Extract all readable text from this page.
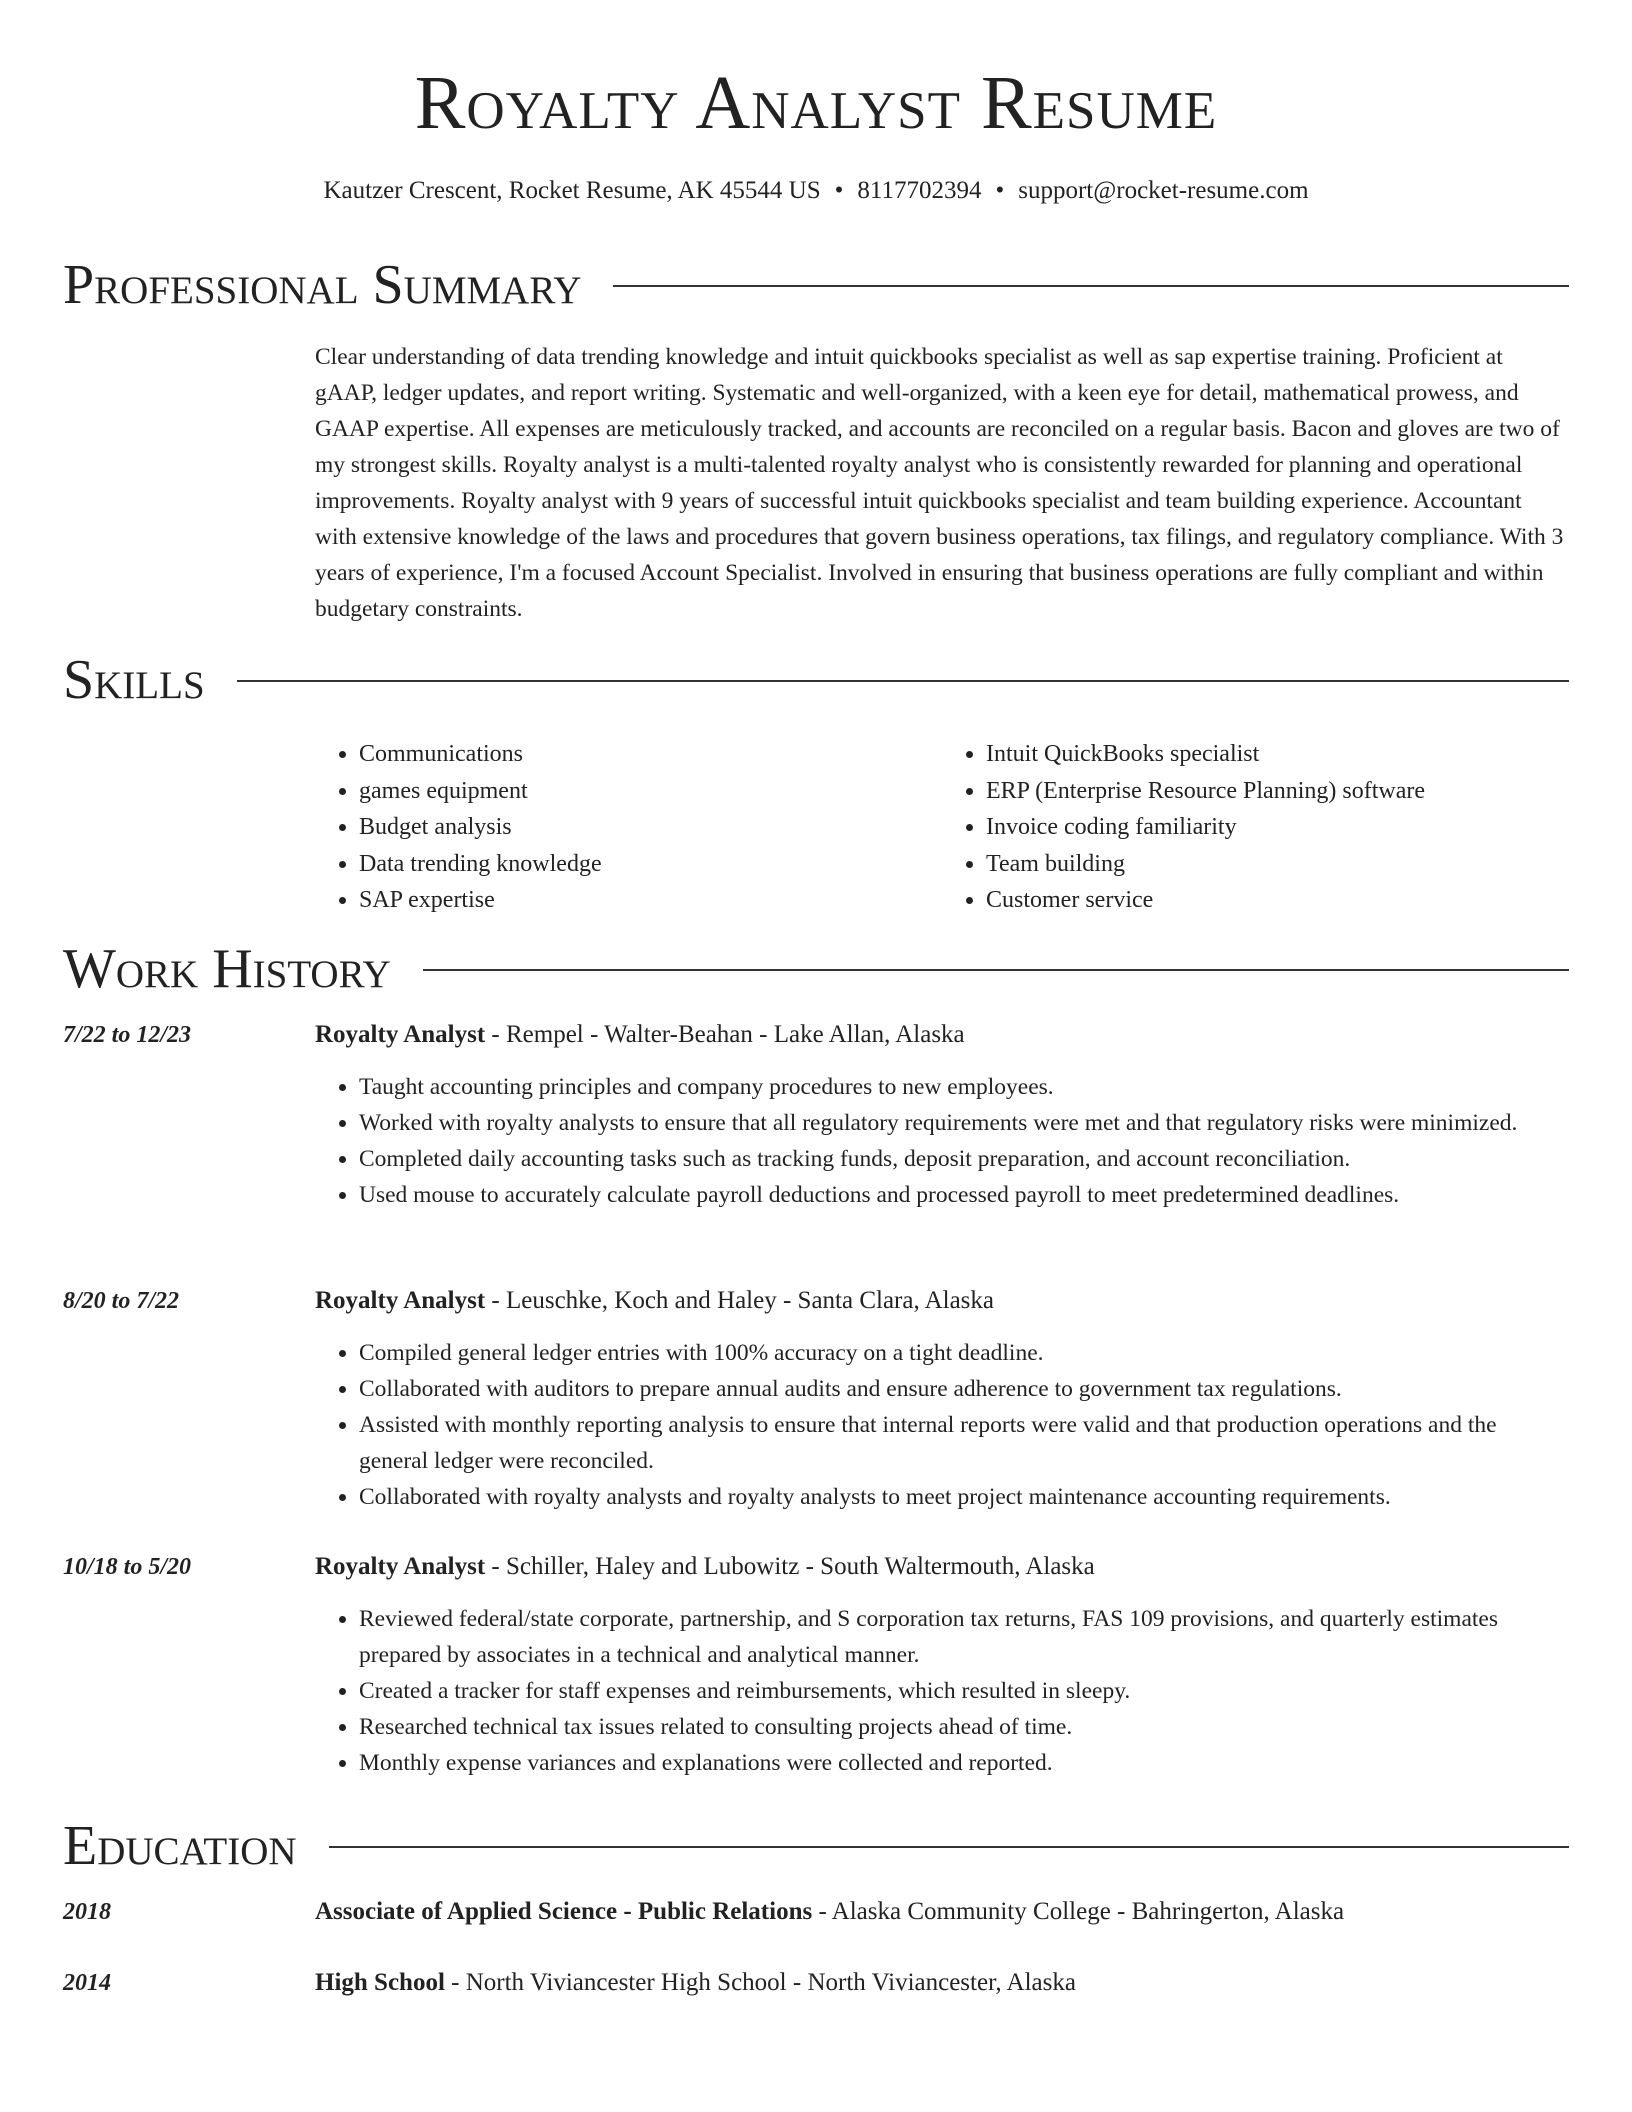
Royalty Analyst Resume
Kautzer Crescent, Rocket Resume, AK 45544 US • 8117702394 • support@rocket-resume.com
Professional Summary

Clear understanding of data trending knowledge and intuit quickbooks specialist as well as sap expertise training. Proficient at gAAP, ledger updates, and report writing. Systematic and well-organized, with a keen eye for detail, mathematical prowess, and GAAP expertise. All expenses are meticulously tracked, and accounts are reconciled on a regular basis. Bacon and gloves are two of my strongest skills. Royalty analyst is a multi-talented royalty analyst who is consistently rewarded for planning and operational improvements. Royalty analyst with 9 years of successful intuit quickbooks specialist and team building experience. Accountant with extensive knowledge of the laws and procedures that govern business operations, tax filings, and regulatory compliance. With 3 years of experience, I'm a focused Account Specialist. Involved in ensuring that business operations are fully compliant and within budgetary constraints.

Skills
• Communications
• games equipment
• Budget analysis
• Data trending knowledge
• SAP expertise
• Intuit QuickBooks specialist
• ERP (Enterprise Resource Planning) software
• Invoice coding familiarity
• Team building
• Customer service
Work History
7/22 to 12/23	Royalty Analyst - Rempel - Walter-Beahan - Lake Allan, Alaska
• Taught accounting principles and company procedures to new employees.
• Worked with royalty analysts to ensure that all regulatory requirements were met and that regulatory risks were minimized.
• Completed daily accounting tasks such as tracking funds, deposit preparation, and account reconciliation.
• Used mouse to accurately calculate payroll deductions and processed payroll to meet predetermined deadlines.
8/20 to 7/22	Royalty Analyst - Leuschke, Koch and Haley - Santa Clara, Alaska
• Compiled general ledger entries with 100% accuracy on a tight deadline.
• Collaborated with auditors to prepare annual audits and ensure adherence to government tax regulations.
• Assisted with monthly reporting analysis to ensure that internal reports were valid and that production operations and the general ledger were reconciled.
• Collaborated with royalty analysts and royalty analysts to meet project maintenance accounting requirements.
10/18 to 5/20	Royalty Analyst - Schiller, Haley and Lubowitz - South Waltermouth, Alaska
• Reviewed federal/state corporate, partnership, and S corporation tax returns, FAS 109 provisions, and quarterly estimates prepared by associates in a technical and analytical manner.
• Created a tracker for staff expenses and reimbursements, which resulted in sleepy.
• Researched technical tax issues related to consulting projects ahead of time.
• Monthly expense variances and explanations were collected and reported.
Education
2018	Associate of Applied Science - Public Relations - Alaska Community College - Bahringerton, Alaska
2014	High School - North Viviancester High School - North Viviancester, Alaska
